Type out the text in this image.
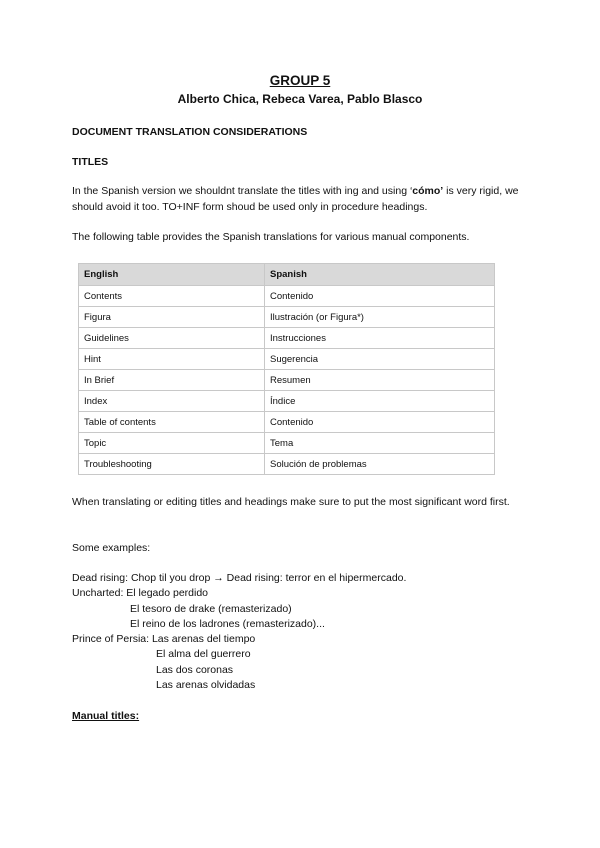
GROUP 5
Alberto Chica, Rebeca Varea, Pablo Blasco
DOCUMENT TRANSLATION CONSIDERATIONS
TITLES
In the Spanish version we shouldnt translate the titles with ing and using ‘cómo’ is very rigid, we should avoid it too. TO+INF form shoud be used only in procedure headings.
The following table provides the Spanish translations for various manual components.
English	Spanish
Contents	Contenido
Figura	Ilustración (or Figura*)
Guidelines	Instrucciones
Hint	Sugerencia
In Brief	Resumen
Index	Índice
Table of contents	Contenido
Topic	Tema
Troubleshooting	Solución de problemas
When translating or editing titles and headings make sure to put the most significant word first.
Some examples:
Dead rising: Chop til you drop → Dead rising: terror en el hipermercado.
Uncharted: El legado perdido
El tesoro de drake (remasterizado)
El reino de los ladrones (remasterizado)...
Prince of Persia: Las arenas del tiempo
El alma del guerrero
Las dos coronas
Las arenas olvidadas
Manual titles:
